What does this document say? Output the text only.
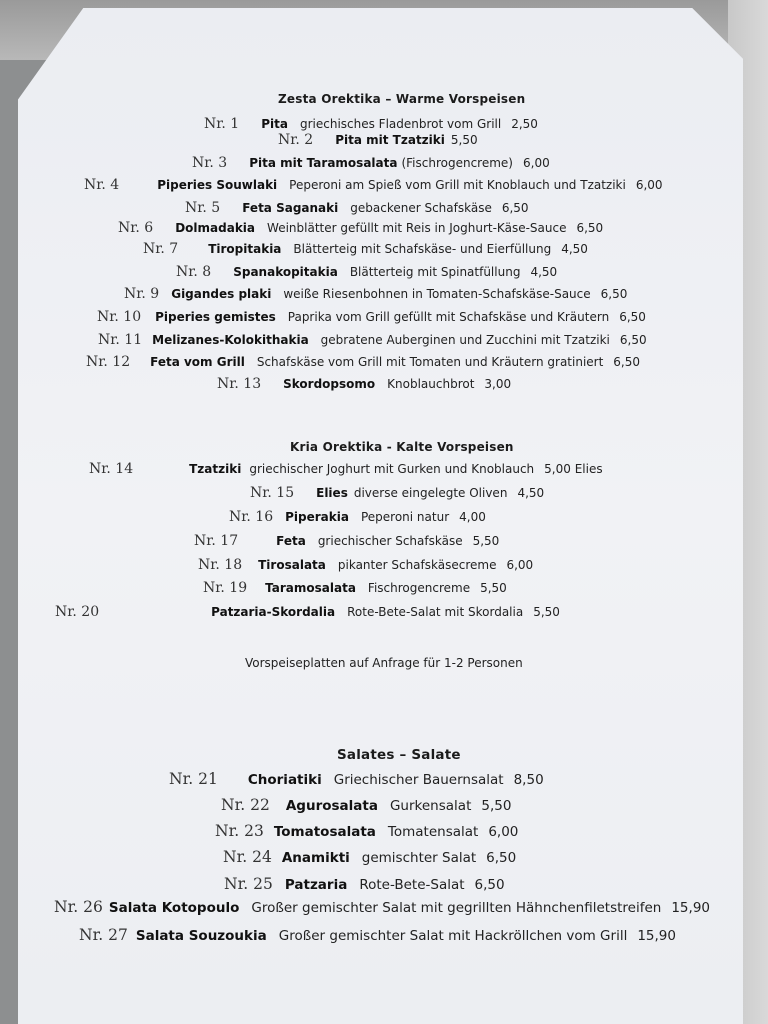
Zesta Orektika – Warme Vorspeisen
Nr. 1 Pita griechisches Fladenbrot vom Grill 2,50
Nr. 2 Pita mit Tzatziki 5,50
Nr. 3 Pita mit Taramosalata (Fischrogencreme) 6,00
Nr. 4	Piperies Souwlaki Peperoni am Spieß vom Grill mit Knoblauch und Tzatziki 6,00
Nr. 5 Feta Saganaki gebackener Schafskäse 6,50
Nr. 6 Dolmadakia Weinblätter gefüllt mit Reis in Joghurt-Käse-Sauce 6,50
Nr. 7	Tiropitakia Blätterteig mit Schafskäse- und Eierfüllung 4,50
Nr. 8 Spanakopitakia Blätterteig mit Spinatfüllung 4,50
Nr. 9 Gigandes plaki weiße Riesenbohnen in Tomaten-Schafskäse-Sauce 6,50
Nr. 10 Piperies gemistes Paprika vom Grill gefüllt mit Schafskäse und Kräutern 6,50
Nr. 11 Melizanes-Kolokithakia gebratene Auberginen und Zucchini mit Tzatziki 6,50
Nr. 12 Feta vom Grill Schafskäse vom Grill mit Tomaten und Kräutern gratiniert 6,50
Nr. 13 Skordopsomo Knoblauchbrot 3,00
Kria Orektika - Kalte Vorspeisen
Nr. 14	Tzatziki griechischer Joghurt mit Gurken und Knoblauch 5,00 Elies
Nr. 15 Elies diverse eingelegte Oliven 4,50
Nr. 16 Piperakia Peperoni natur 4,00
Nr. 17	Feta griechischer Schafskäse 5,50
Nr. 18 Tirosalata pikanter Schafskäsecreme 6,00
Nr. 19 Taramosalata Fischrogencreme 5,50
Nr. 20	Patzaria-Skordalia Rote-Bete-Salat mit Skordalia 5,50
Vorspeiseplatten auf Anfrage für 1-2 Personen
Salates – Salate
Nr. 21 Choriatiki Griechischer Bauernsalat 8,50
Nr. 22 Agurosalata Gurkensalat 5,50
Nr. 23 Tomatosalata Tomatensalat 6,00
Nr. 24 Anamikti gemischter Salat 6,50
Nr. 25 Patzaria Rote-Bete-Salat 6,50
Nr. 26 Salata Kotopoulo Großer gemischter Salat mit gegrillten Hähnchenfiletstreifen 15,90
Nr. 27 Salata Souzoukia Großer gemischter Salat mit Hackröllchen vom Grill 15,90
